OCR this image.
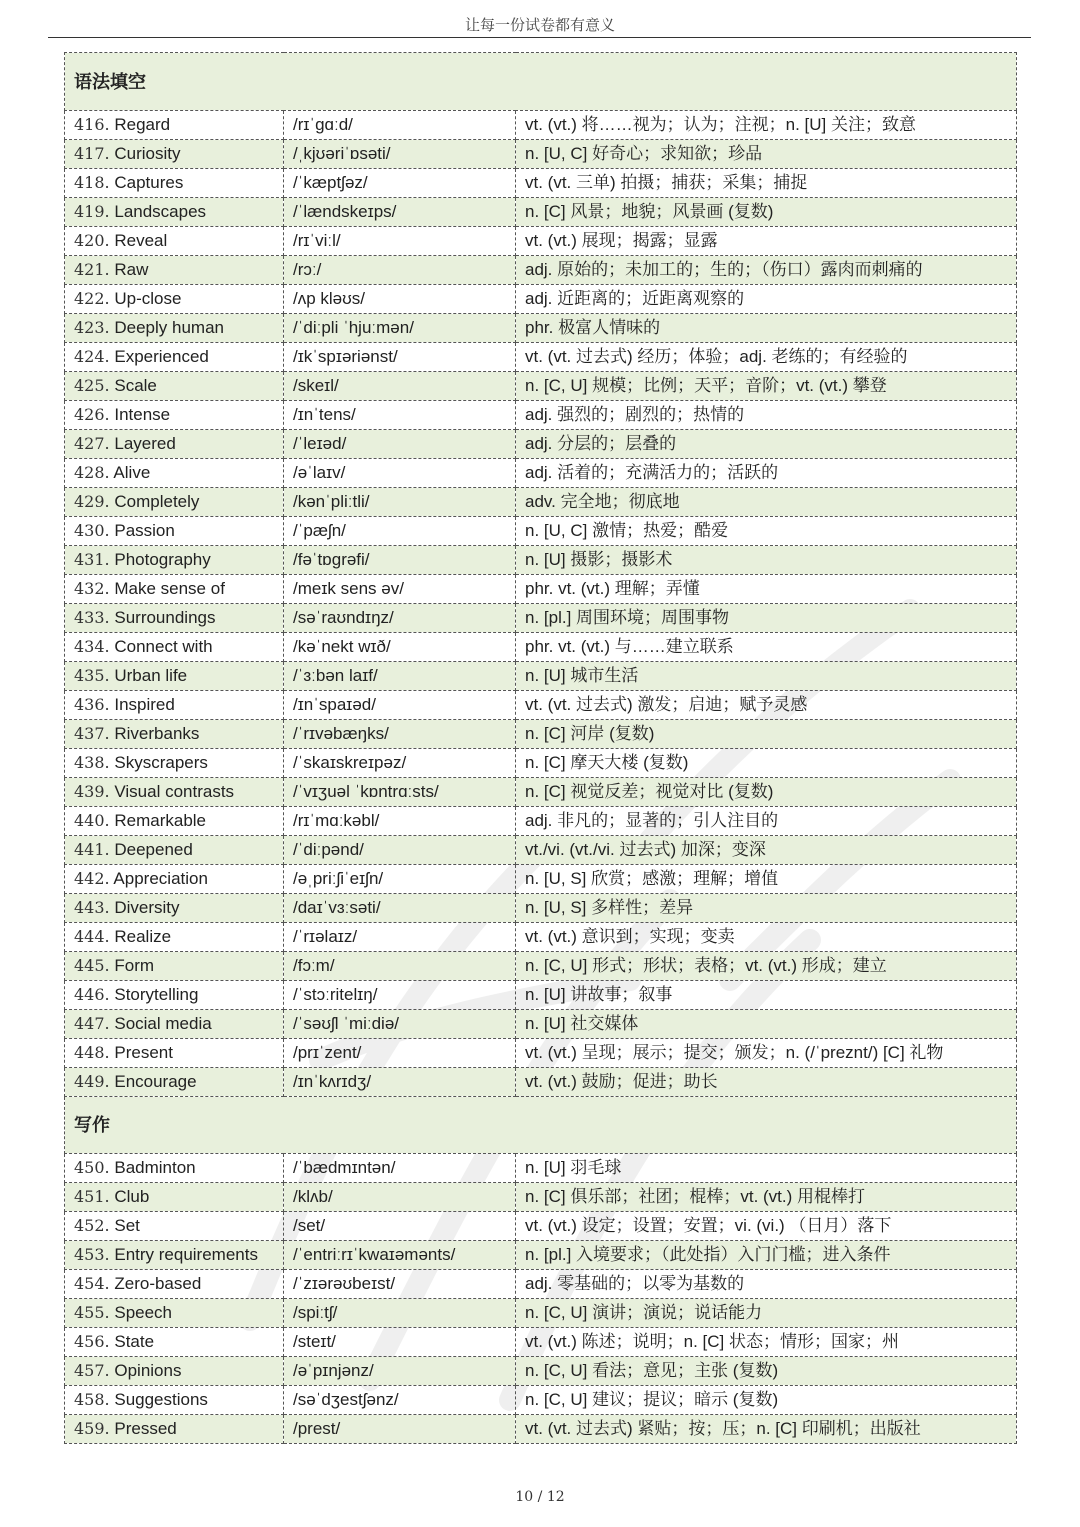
让每一份试卷都有意义
语法填空		
416. Regard	/rɪˈɡɑːd/	vt. (vt.) 将……视为；认为；注视；n. [U] 关注；致意
417. Curiosity	/ˌkjʊəriˈɒsəti/	n. [U, C] 好奇心；求知欲；珍品
418. Captures	/ˈkæptʃəz/	vt. (vt. 三单) 拍摄；捕获；采集；捕捉
419. Landscapes	/ˈlændskeɪps/	n. [C] 风景；地貌；风景画 (复数)
420. Reveal	/rɪˈviːl/	vt. (vt.) 展现；揭露；显露
421. Raw	/rɔː/	adj. 原始的；未加工的；生的；（伤口）露肉而刺痛的
422. Up-close	/ʌp kləʊs/	adj. 近距离的；近距离观察的
423. Deeply human	/ˈdiːpli ˈhjuːmən/	phr. 极富人情味的
424. Experienced	/ɪkˈspɪəriənst/	vt. (vt. 过去式) 经历；体验；adj. 老练的；有经验的
425. Scale	/skeɪl/	n. [C, U] 规模；比例；天平；音阶；vt. (vt.) 攀登
426. Intense	/ɪnˈtens/	adj. 强烈的；剧烈的；热情的
427. Layered	/ˈleɪəd/	adj. 分层的；层叠的
428. Alive	/əˈlaɪv/	adj. 活着的；充满活力的；活跃的
429. Completely	/kənˈpliːtli/	adv. 完全地；彻底地
430. Passion	/ˈpæʃn/	n. [U, C] 激情；热爱；酷爱
431. Photography	/fəˈtɒɡrəfi/	n. [U] 摄影；摄影术
432. Make sense of	/meɪk sens əv/	phr. vt. (vt.) 理解；弄懂
433. Surroundings	/səˈraʊndɪŋz/	n. [pl.] 周围环境；周围事物
434. Connect with	/kəˈnekt wɪð/	phr. vt. (vt.) 与……建立联系
435. Urban life	/ˈɜːbən laɪf/	n. [U] 城市生活
436. Inspired	/ɪnˈspaɪəd/	vt. (vt. 过去式) 激发；启迪；赋予灵感
437. Riverbanks	/ˈrɪvəbæŋks/	n. [C] 河岸 (复数)
438. Skyscrapers	/ˈskaɪskreɪpəz/	n. [C] 摩天大楼 (复数)
439. Visual contrasts	/ˈvɪʒuəl ˈkɒntrɑːsts/	n. [C] 视觉反差；视觉对比 (复数)
440. Remarkable	/rɪˈmɑːkəbl/	adj. 非凡的；显著的；引人注目的
441. Deepened	/ˈdiːpənd/	vt./vi. (vt./vi. 过去式) 加深；变深
442. Appreciation	/əˌpriːʃiˈeɪʃn/	n. [U, S] 欣赏；感激；理解；增值
443. Diversity	/daɪˈvɜːsəti/	n. [U, S] 多样性；差异
444. Realize	/ˈrɪəlaɪz/	vt. (vt.) 意识到；实现；变卖
445. Form	/fɔːm/	n. [C, U] 形式；形状；表格；vt. (vt.) 形成；建立
446. Storytelling	/ˈstɔːritelɪŋ/	n. [U] 讲故事；叙事
447. Social media	/ˈsəʊʃl ˈmiːdiə/	n. [U] 社交媒体
448. Present	/prɪˈzent/	vt. (vt.) 呈现；展示；提交；颁发；n. (/ˈpreznt/) [C] 礼物
449. Encourage	/ɪnˈkʌrɪdʒ/	vt. (vt.) 鼓励；促进；助长
写作		
450. Badminton	/ˈbædmɪntən/	n. [U] 羽毛球
451. Club	/klʌb/	n. [C] 俱乐部；社团；棍棒；vt. (vt.) 用棍棒打
452. Set	/set/	vt. (vt.) 设定；设置；安置；vi. (vi.) （日月）落下
453. Entry requirements	/ˈentriːrɪˈkwaɪəmənts/	n. [pl.] 入境要求；（此处指）入门门槛；进入条件
454. Zero-based	/ˈzɪərəʊbeɪst/	adj. 零基础的；以零为基数的
455. Speech	/spiːtʃ/	n. [C, U] 演讲；演说；说话能力
456. State	/steɪt/	vt. (vt.) 陈述；说明；n. [C] 状态；情形；国家；州
457. Opinions	/əˈpɪnjənz/	n. [C, U] 看法；意见；主张 (复数)
458. Suggestions	/səˈdʒestʃənz/	n. [C, U] 建议；提议；暗示 (复数)
459. Pressed	/prest/	vt. (vt. 过去式) 紧贴；按；压；n. [C] 印刷机；出版社
10 / 12
